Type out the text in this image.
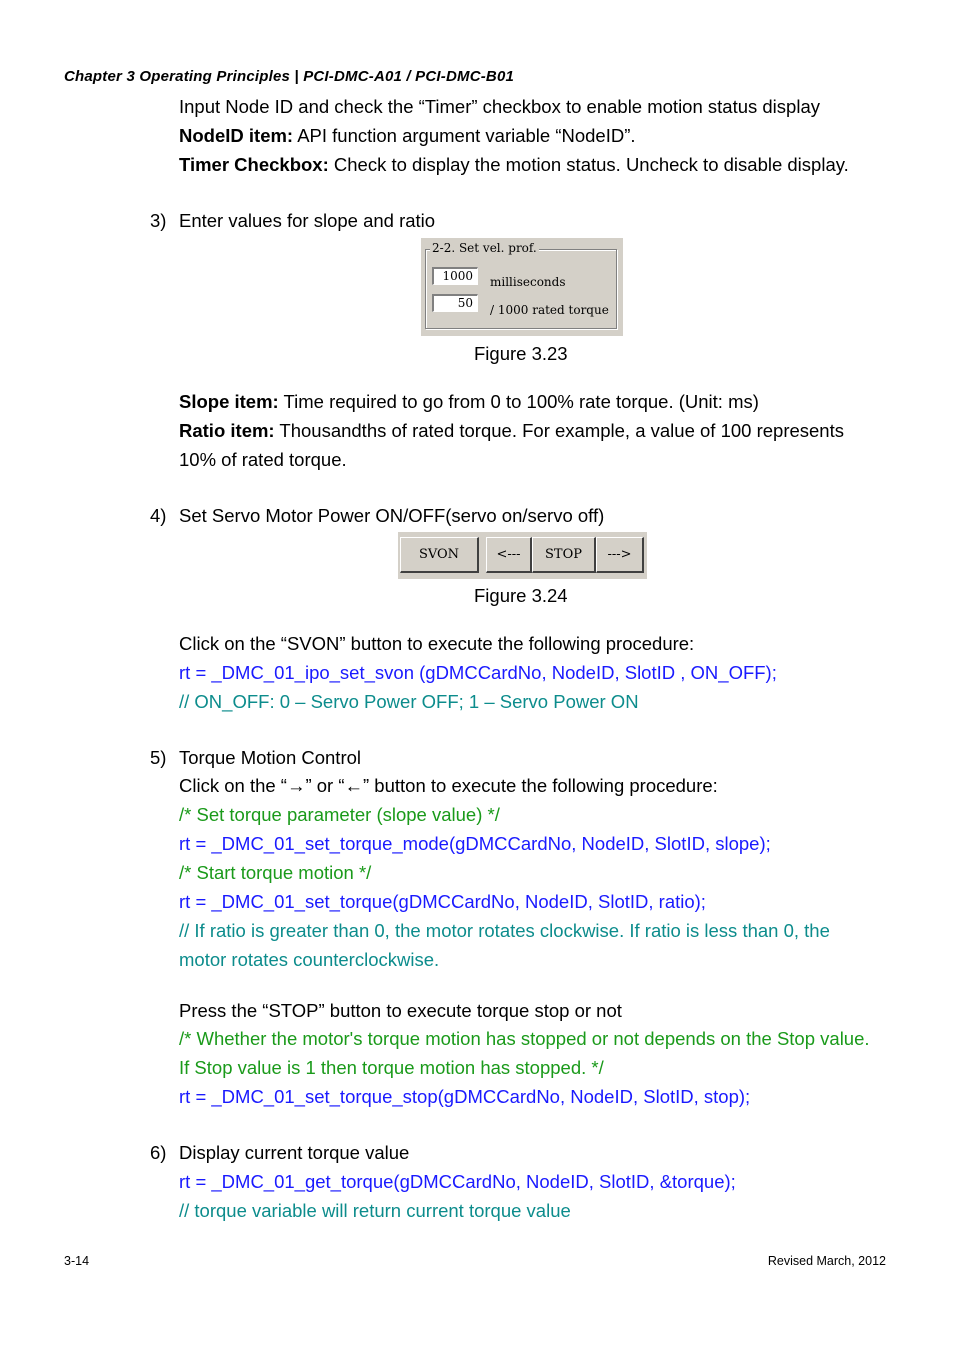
Chapter 3 Operating Principles | PCI-DMC-A01 / PCI-DMC-B01
Input Node ID and check the “Timer” checkbox to enable motion status display
NodeID item: API function argument variable “NodeID”.
Timer Checkbox: Check to display the motion status. Uncheck to disable display.
3) Enter values for slope and ratio
2-2. Set vel. prof.
1000	milliseconds
50	/ 1000 rated torque
Figure 3.23
Slope item: Time required to go from 0 to 100% rate torque. (Unit: ms)
Ratio item: Thousandths of rated torque. For example, a value of 100 represents
10% of rated torque.
4) Set Servo Motor Power ON/OFF(servo on/servo off)
SVON	<---	STOP	--->
Figure 3.24
Click on the “SVON” button to execute the following procedure:
rt = _DMC_01_ipo_set_svon (gDMCCardNo, NodeID, SlotID , ON_OFF);
// ON_OFF: 0 – Servo Power OFF; 1 – Servo Power ON
5) Torque Motion Control
Click on the “→” or “←” button to execute the following procedure:
/* Set torque parameter (slope value) */
rt = _DMC_01_set_torque_mode(gDMCCardNo, NodeID, SlotID, slope);
/* Start torque motion */
rt = _DMC_01_set_torque(gDMCCardNo, NodeID, SlotID, ratio);
// If ratio is greater than 0, the motor rotates clockwise. If ratio is less than 0, the
motor rotates counterclockwise.
Press the “STOP” button to execute torque stop or not
/* Whether the motor's torque motion has stopped or not depends on the Stop value.
If Stop value is 1 then torque motion has stopped. */
rt = _DMC_01_set_torque_stop(gDMCCardNo, NodeID, SlotID, stop);
6) Display current torque value
rt = _DMC_01_get_torque(gDMCCardNo, NodeID, SlotID, &torque);
// torque variable will return current torque value
3-14	Revised March, 2012
